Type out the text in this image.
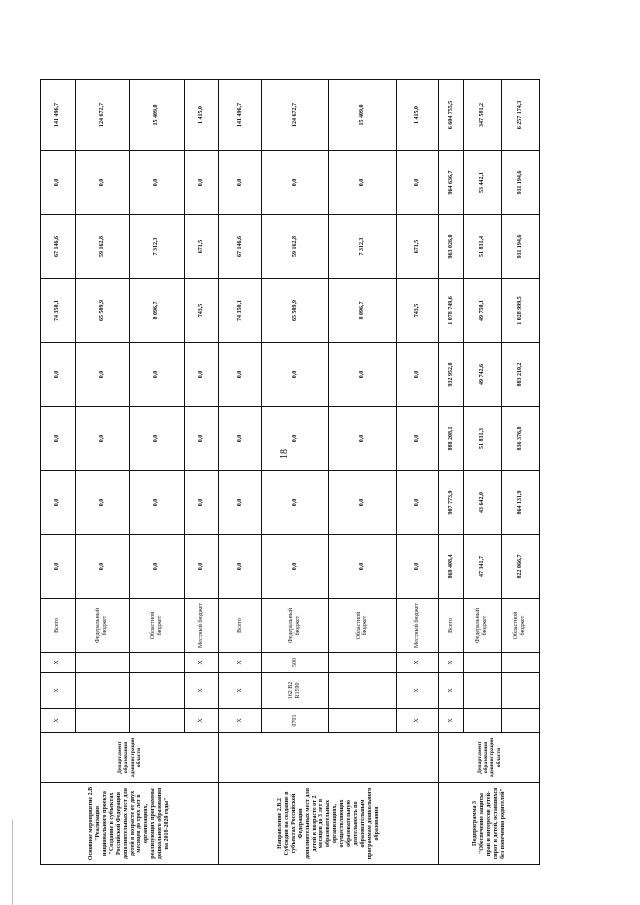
18
Основное мероприятие 2.В "Реализация национального проекта "Создание в субъектах Российской Федерации дополнительных мест для детей в возрасте от двух месяцев до трех лет в организациях, реализующих программы дошкольного образования на 2018-2020 годы"	Департамент образования администрации области	Х	Х	Х	Всего	0,0	0,0	0,0	0,0	74 350,1	67 146,6	0,0	141 496,7
					Федеральный бюджет	0,0	0,0	0,0	0,0	65 509,9	59 162,8	0,0	124 672,7
					Областной бюджет	0,0	0,0	0,0	0,0	8 096,7	7 312,3	0,0	15 409,0
		Х	Х	Х	Местный бюджет	0,0	0,0	0,0	0,0	743,5	671,5	0,0	1 415,0
Направление 2.В.2 Субсидии на создание в субъектах Российской Федерации дополнительных мест для детей в возрасте от 2 месяцев до 3 лет в образовательных организациях, осуществляющих образовательную деятельность по образовательным программам дошкольного образования		Х	Х	Х	Всего	0,0	0,0	0,0	0,0	74 350,1	67 146,6	0,0	141 496,7
		0701	162 В2 R1590	500	Федеральный бюджет	0,0	0,0	0,0	0,0	65 509,9	59 162,8	0,0	124 672,7
					Областной бюджет	0,0	0,0	0,0	0,0	8 096,7	7 312,3	0,0	15 409,0
		Х	Х	Х	Местный бюджет	0,0	0,0	0,0	0,0	743,5	671,5	0,0	1 415,0
Подпрограмма 3 "Обеспечение защиты прав и интересов детей-сирот и детей, оставшихся без попечения родителей"	Департамент образования администрации области	Х	Х	Х	Всего	869 408,4	907 773,9	888 208,1	932 952,8	1 078 749,6	963 026,0	964 636,7	6 604 755,5
					Федеральный бюджет	47 341,7	43 642,0	51 831,3	49 742,6	49 750,1	51 831,4	53 442,1	347 581,2
					Областной бюджет	822 066,7	864 131,9	836 376,8	883 210,2	1 028 999,5	911 194,6	911 194,6	6 257 174,3
